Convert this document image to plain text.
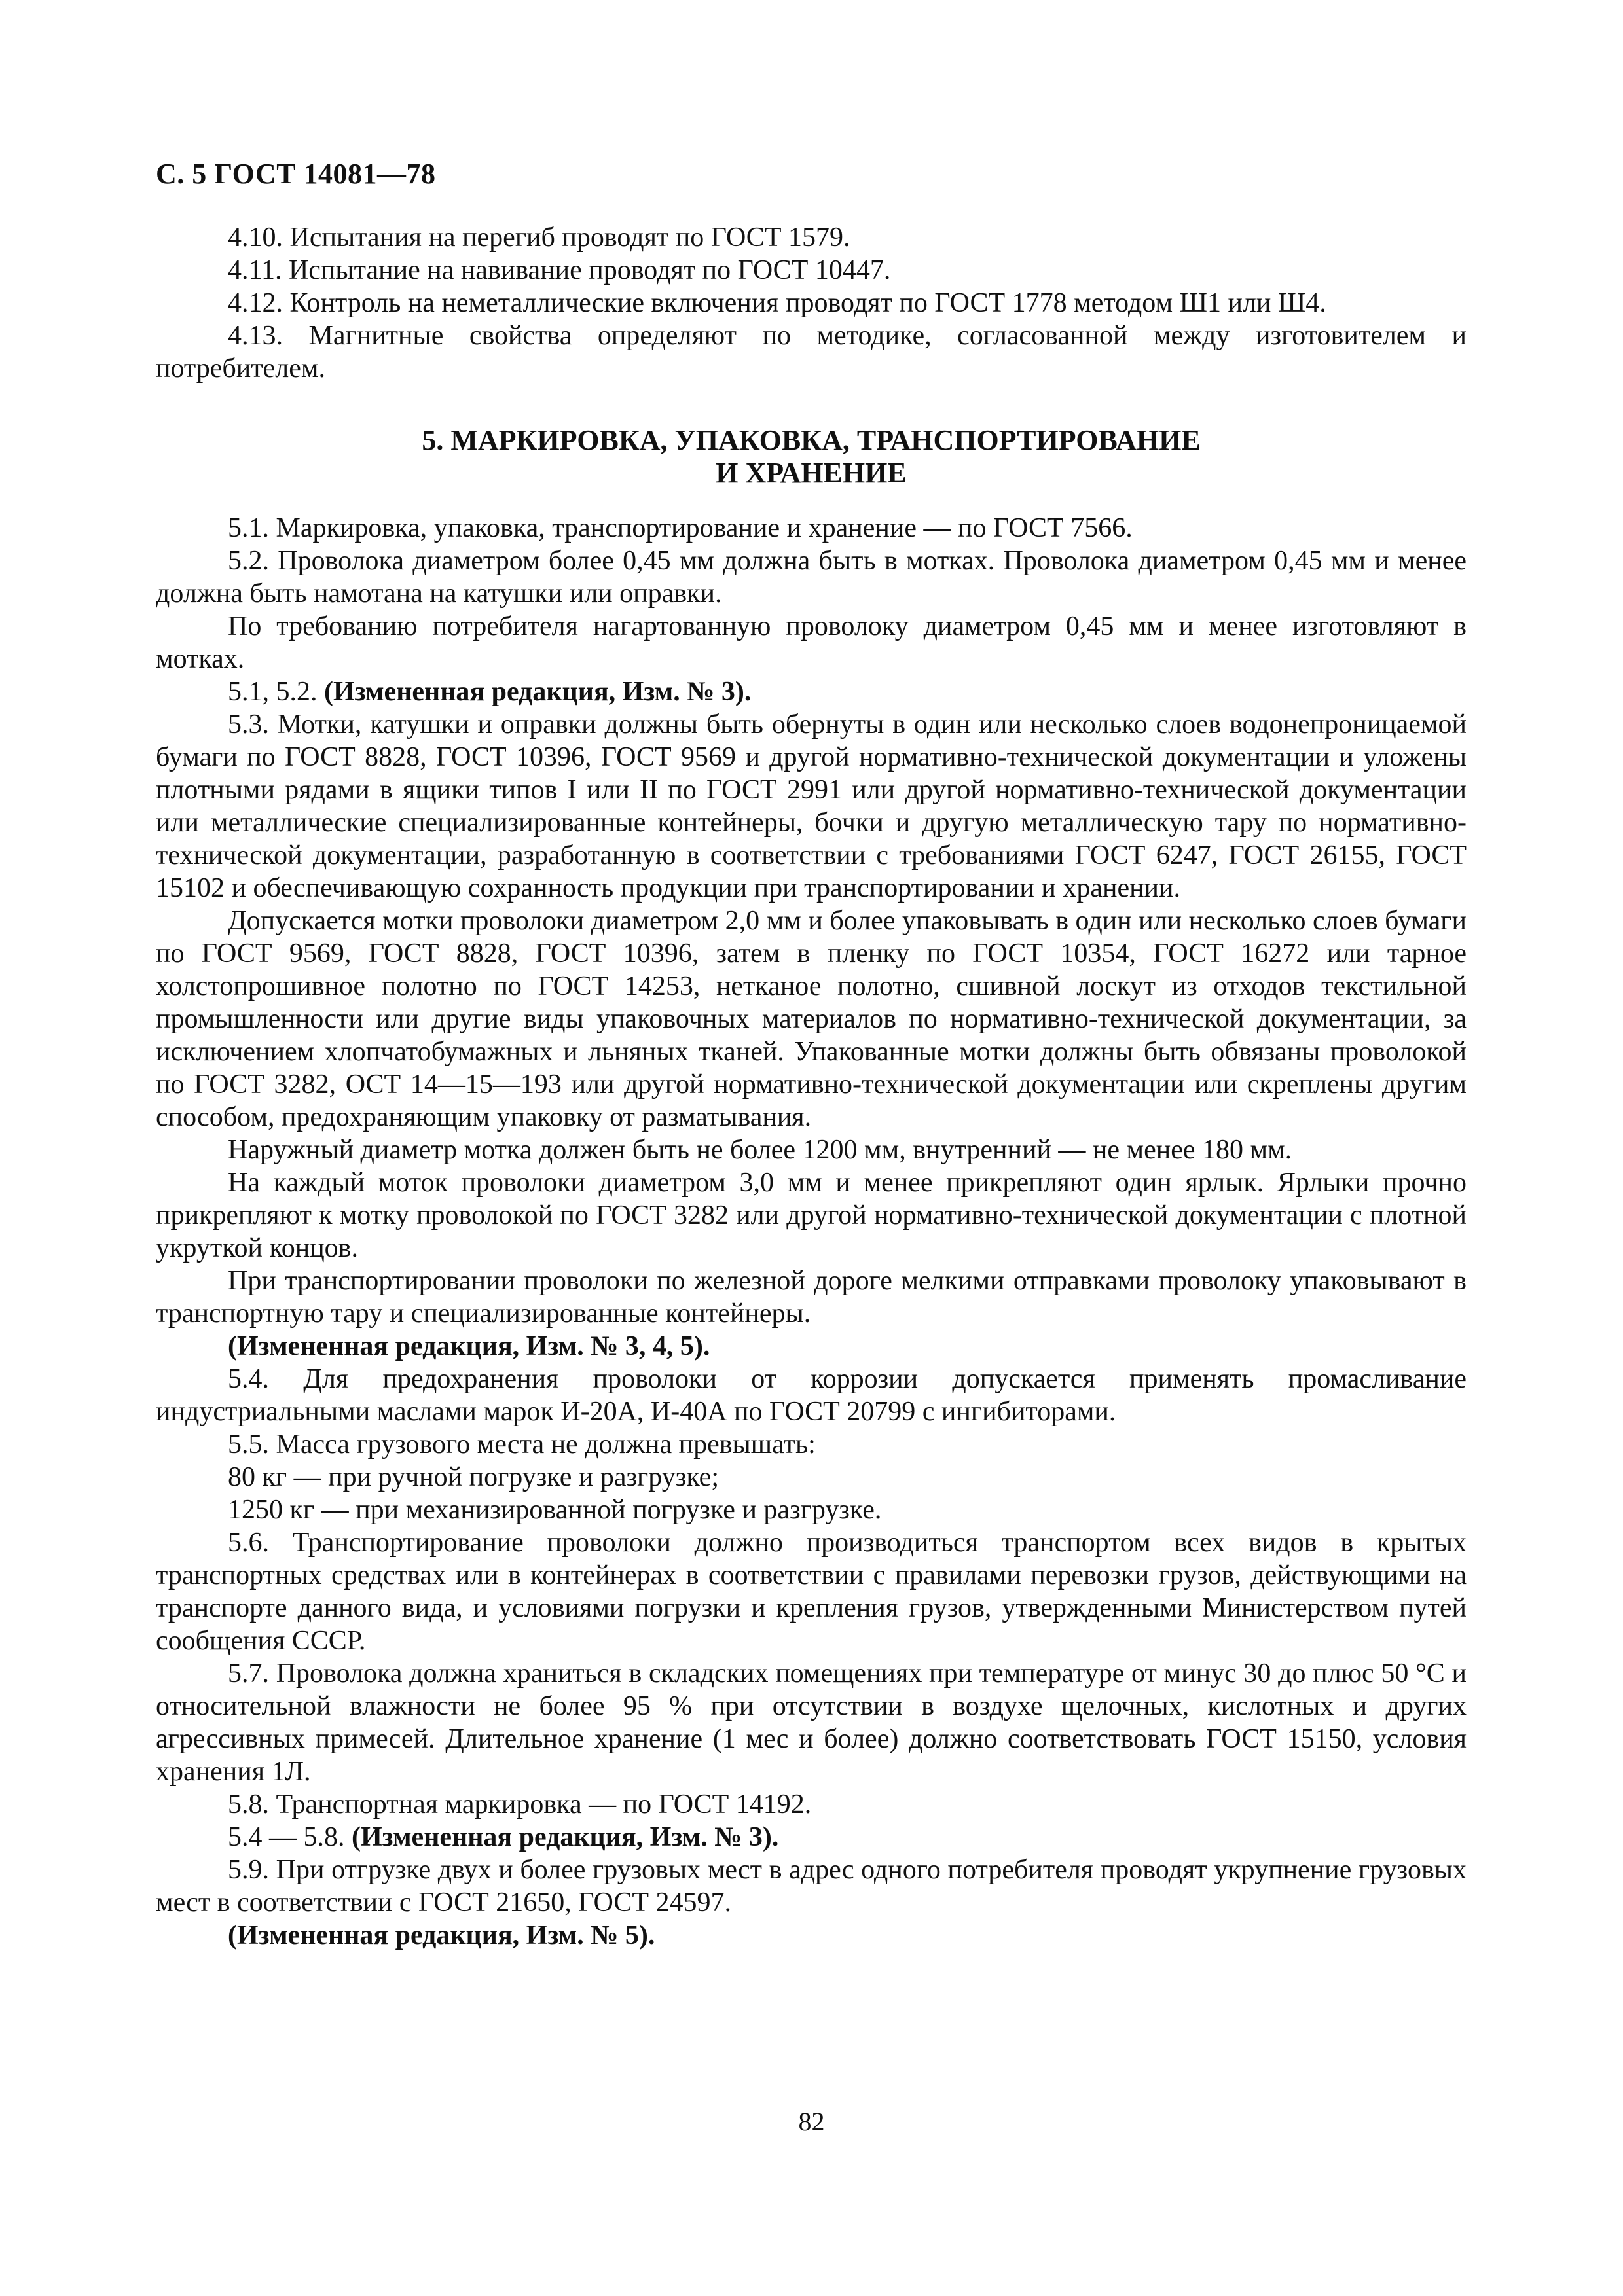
С. 5 ГОСТ 14081—78

4.10. Испытания на перегиб проводят по ГОСТ 1579.

4.11. Испытание на навивание проводят по ГОСТ 10447.

4.12. Контроль на неметаллические включения проводят по ГОСТ 1778 методом Ш1 или Ш4.

4.13. Магнитные свойства определяют по методике, согласованной между изготовителем и потребителем.

5. МАРКИРОВКА, УПАКОВКА, ТРАНСПОРТИРОВАНИЕ
И ХРАНЕНИЕ

5.1. Маркировка, упаковка, транспортирование и хранение — по ГОСТ 7566.

5.2. Проволока диаметром более 0,45 мм должна быть в мотках. Проволока диаметром 0,45 мм и менее должна быть намотана на катушки или оправки.

По требованию потребителя нагартованную проволоку диаметром 0,45 мм и менее изготовляют в мотках.

5.1, 5.2. (Измененная редакция, Изм. № 3).

5.3. Мотки, катушки и оправки должны быть обернуты в один или несколько слоев водонепроницаемой бумаги по ГОСТ 8828, ГОСТ 10396, ГОСТ 9569 и другой нормативно-технической документации и уложены плотными рядами в ящики типов I или II по ГОСТ 2991 или другой нормативно-технической документации или металлические специализированные контейнеры, бочки и другую металлическую тару по нормативно-технической документации, разработанную в соответствии с требованиями ГОСТ 6247, ГОСТ 26155, ГОСТ 15102 и обеспечивающую сохранность продукции при транспортировании и хранении.

Допускается мотки проволоки диаметром 2,0 мм и более упаковывать в один или несколько слоев бумаги по ГОСТ 9569, ГОСТ 8828, ГОСТ 10396, затем в пленку по ГОСТ 10354, ГОСТ 16272 или тарное холстопрошивное полотно по ГОСТ 14253, нетканое полотно, сшивной лоскут из отходов текстильной промышленности или другие виды упаковочных материалов по нормативно-технической документации, за исключением хлопчатобумажных и льняных тканей. Упакованные мотки должны быть обвязаны проволокой по ГОСТ 3282, ОСТ 14—15—193 или другой нормативно-технической документации или скреплены другим способом, предохраняющим упаковку от разматывания.

Наружный диаметр мотка должен быть не более 1200 мм, внутренний — не менее 180 мм.

На каждый моток проволоки диаметром 3,0 мм и менее прикрепляют один ярлык. Ярлыки прочно прикрепляют к мотку проволокой по ГОСТ 3282 или другой нормативно-технической документации с плотной укруткой концов.

При транспортировании проволоки по железной дороге мелкими отправками проволоку упаковывают в транспортную тару и специализированные контейнеры.

(Измененная редакция, Изм. № 3, 4, 5).

5.4. Для предохранения проволоки от коррозии допускается применять промасливание индустриальными маслами марок И-20А, И-40А по ГОСТ 20799 с ингибиторами.

5.5. Масса грузового места не должна превышать:

80 кг — при ручной погрузке и разгрузке;

1250 кг — при механизированной погрузке и разгрузке.

5.6. Транспортирование проволоки должно производиться транспортом всех видов в крытых транспортных средствах или в контейнерах в соответствии с правилами перевозки грузов, действующими на транспорте данного вида, и условиями погрузки и крепления грузов, утвержденными Министерством путей сообщения СССР.

5.7. Проволока должна храниться в складских помещениях при температуре от минус 30 до плюс 50 °С и относительной влажности не более 95 % при отсутствии в воздухе щелочных, кислотных и других агрессивных примесей. Длительное хранение (1 мес и более) должно соответствовать ГОСТ 15150, условия хранения 1Л.

5.8. Транспортная маркировка — по ГОСТ 14192.

5.4 — 5.8. (Измененная редакция, Изм. № 3).

5.9. При отгрузке двух и более грузовых мест в адрес одного потребителя проводят укрупнение грузовых мест в соответствии с ГОСТ 21650, ГОСТ 24597.

(Измененная редакция, Изм. № 5).

82
